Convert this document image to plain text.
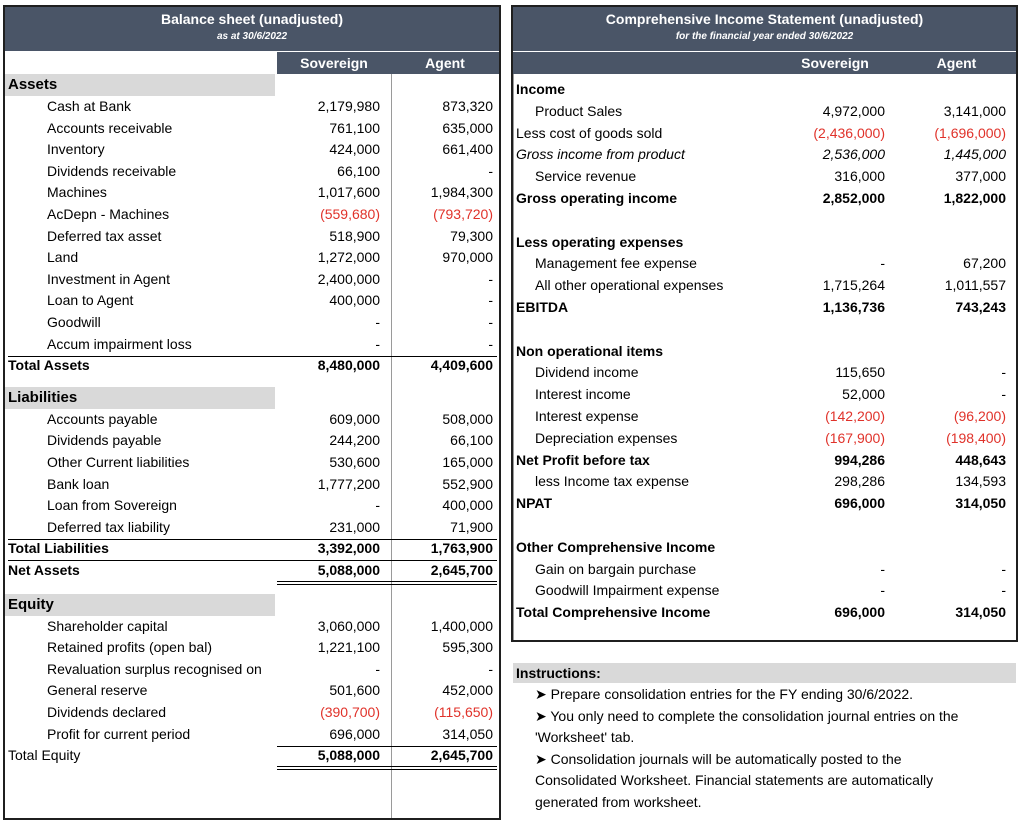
Balance sheet (unadjusted)
as at 30/6/2022
Sovereign	Agent
Assets
Cash at Bank	2,179,980	873,320
Accounts receivable	761,100	635,000
Inventory	424,000	661,400
Dividends receivable	66,100	-
Machines	1,017,600	1,984,300
AcDepn - Machines	(559,680)	(793,720)
Deferred tax asset	518,900	79,300
Land	1,272,000	970,000
Investment in Agent	2,400,000	-
Loan to Agent	400,000	-
Goodwill	-	-
Accum impairment loss	-	-
Total Assets	8,480,000	4,409,600
Liabilities
Accounts payable	609,000	508,000
Dividends payable	244,200	66,100
Other Current liabilities	530,600	165,000
Bank loan	1,777,200	552,900
Loan from Sovereign	-	400,000
Deferred tax liability	231,000	71,900
Total Liabilities	3,392,000	1,763,900
Net Assets	5,088,000	2,645,700
Equity
Shareholder capital	3,060,000	1,400,000
Retained profits (open bal)	1,221,100	595,300
Revaluation surplus recognised on	-	-
General reserve	501,600	452,000
Dividends declared	(390,700)	(115,650)
Profit for current period	696,000	314,050
Total Equity	5,088,000	2,645,700
Comprehensive Income Statement (unadjusted)
for the financial year ended 30/6/2022
Sovereign	Agent
Income
Product Sales	4,972,000	3,141,000
Less cost of goods sold	(2,436,000)	(1,696,000)
Gross income from product	2,536,000	1,445,000
Service revenue	316,000	377,000
Gross operating income	2,852,000	1,822,000
Less operating expenses
Management fee expense	-	67,200
All other operational expenses	1,715,264	1,011,557
EBITDA	1,136,736	743,243
Non operational items
Dividend income	115,650	-
Interest income	52,000	-
Interest expense	(142,200)	(96,200)
Depreciation expenses	(167,900)	(198,400)
Net Profit before tax	994,286	448,643
less Income tax expense	298,286	134,593
NPAT	696,000	314,050
Other Comprehensive Income
Gain on bargain purchase	-	-
Goodwill Impairment expense	-	-
Total Comprehensive Income	696,000	314,050
Instructions:
➤ Prepare consolidation entries for the FY ending 30/6/2022.
➤ You only need to complete the consolidation journal entries on the
'Worksheet' tab.
➤ Consolidation journals will be automatically posted to the
Consolidated Worksheet. Financial statements are automatically
generated from worksheet.
